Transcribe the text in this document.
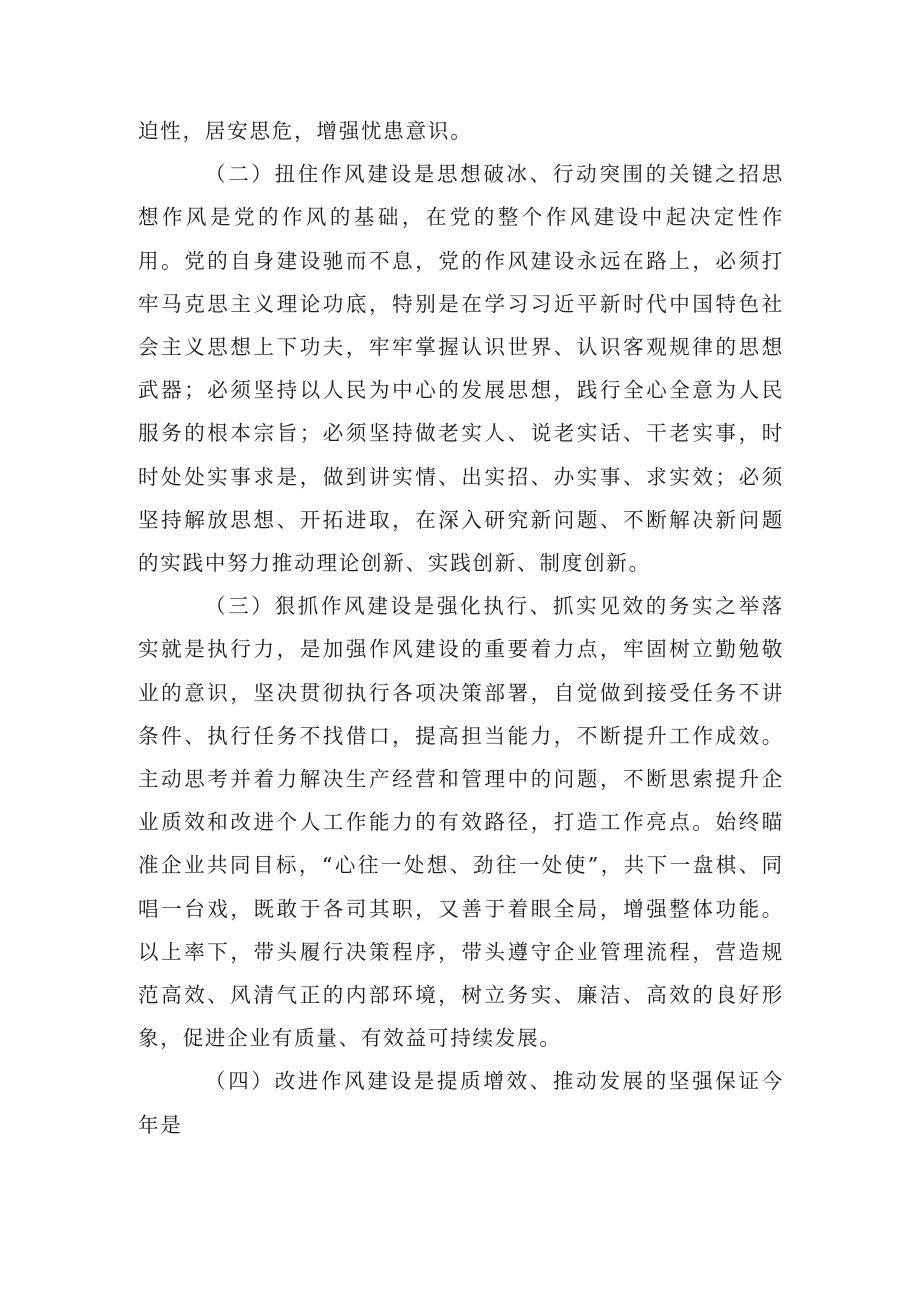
迫性，居安思危，增强忧患意识。

（二）扭住作风建设是思想破冰、行动突围的关键之招思想作风是党的作风的基础，在党的整个作风建设中起决定性作用。党的自身建设驰而不息，党的作风建设永远在路上，必须打牢马克思主义理论功底，特别是在学习习近平新时代中国特色社会主义思想上下功夫，牢牢掌握认识世界、认识客观规律的思想武器；必须坚持以人民为中心的发展思想，践行全心全意为人民服务的根本宗旨；必须坚持做老实人、说老实话、干老实事，时时处处实事求是，做到讲实情、出实招、办实事、求实效；必须坚持解放思想、开拓进取，在深入研究新问题、不断解决新问题的实践中努力推动理论创新、实践创新、制度创新。

（三）狠抓作风建设是强化执行、抓实见效的务实之举落实就是执行力，是加强作风建设的重要着力点，牢固树立勤勉敬业的意识，坚决贯彻执行各项决策部署，自觉做到接受任务不讲条件、执行任务不找借口，提高担当能力，不断提升工作成效。主动思考并着力解决生产经营和管理中的问题，不断思索提升企业质效和改进个人工作能力的有效路径，打造工作亮点。始终瞄准企业共同目标，“心往一处想、劲往一处使”，共下一盘棋、同唱一台戏，既敢于各司其职，又善于着眼全局，增强整体功能。以上率下，带头履行决策程序，带头遵守企业管理流程，营造规范高效、风清气正的内部环境，树立务实、廉洁、高效的良好形象，促进企业有质量、有效益可持续发展。

（四）改进作风建设是提质增效、推动发展的坚强保证今年是
